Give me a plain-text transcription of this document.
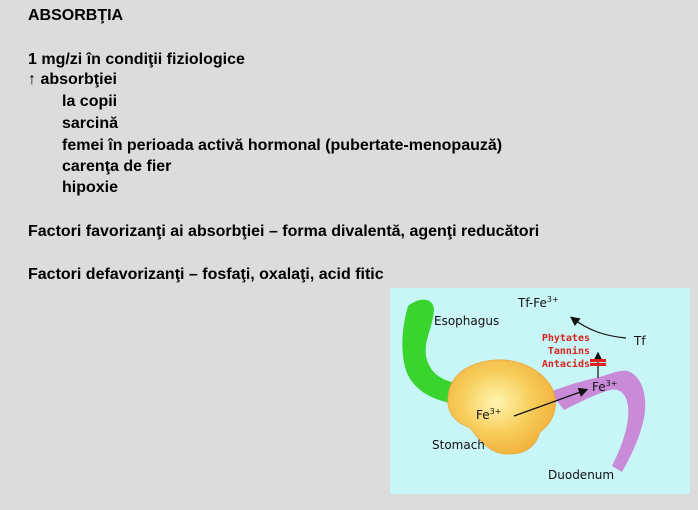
ABSORBŢIA
1 mg/zi în condiţii fiziologice
↑ absorbţiei
la copii
sarcină
femei în perioada activă hormonal (pubertate-menopauză)
carenţa de fier
hipoxie
Factori favorizanţi ai absorbţiei – forma divalentă, agenţi reducători
Factori defavorizanţi – fosfaţi, oxalaţi, acid fitic
$Tf-Fe^{3+}$
Esophagus
Tf
Phytates
Tannins
Antacids
$Fe^{3+}$
$Fe^{3+}$
Stomach
Duodenum
